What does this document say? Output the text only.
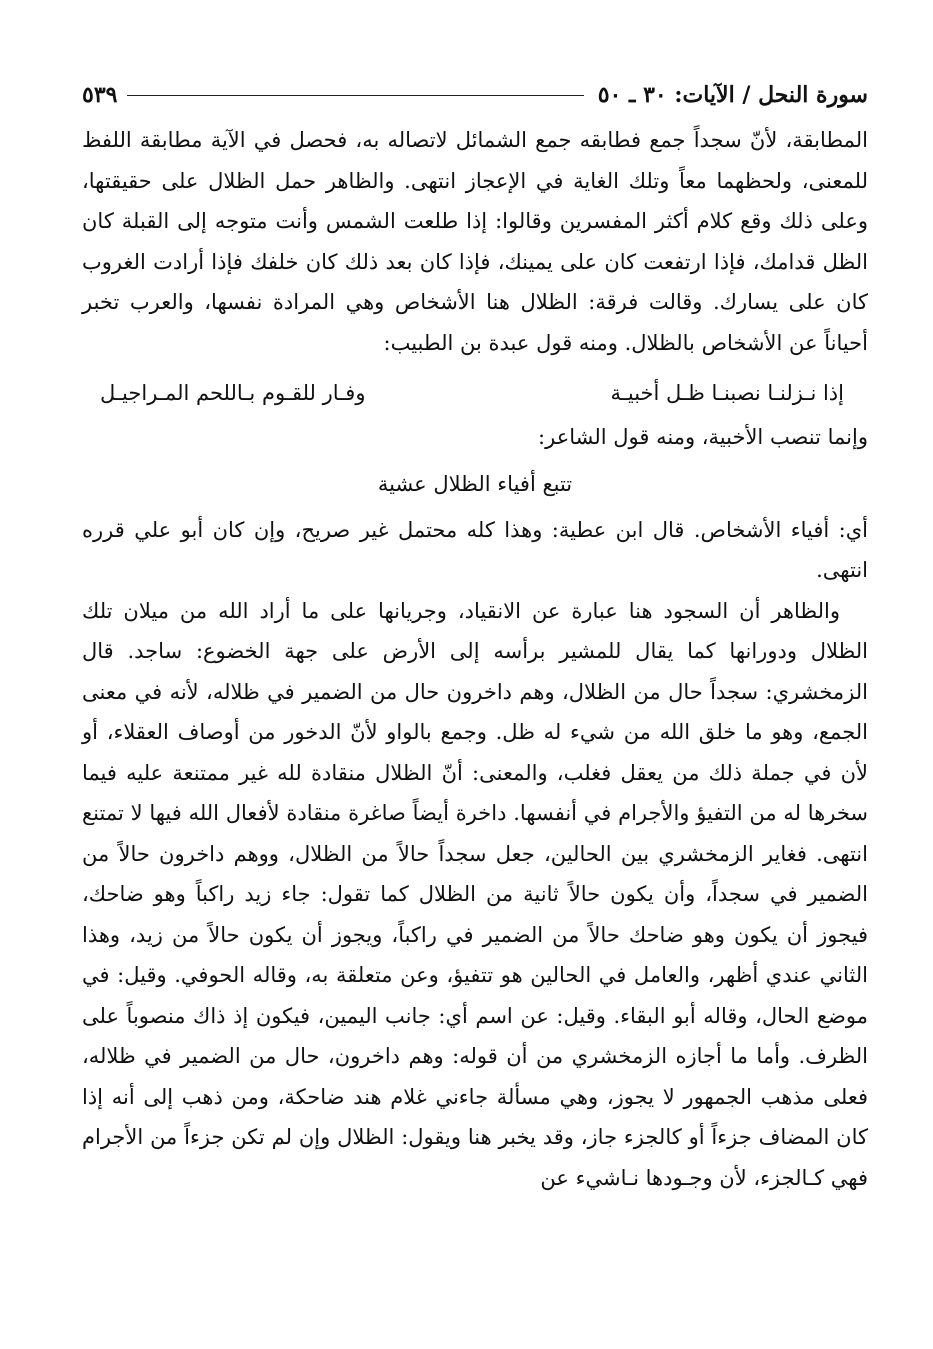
سورة النحل / الآيات: ٣٠ ـ ٥٠
٥٣٩

المطابقة، لأنّ سجداً جمع فطابقه جمع الشمائل لاتصاله به، فحصل في الآية مطابقة اللفظ للمعنى، ولحظهما معاً وتلك الغاية في الإعجاز انتهى. والظاهر حمل الظلال على حقيقتها، وعلى ذلك وقع كلام أكثر المفسرين وقالوا: إذا طلعت الشمس وأنت متوجه إلى القبلة كان الظل قدامك، فإذا ارتفعت كان على يمينك، فإذا كان بعد ذلك كان خلفك فإذا أرادت الغروب كان على يسارك. وقالت فرقة: الظلال هنا الأشخاص وهي المرادة نفسها، والعرب تخبر أحياناً عن الأشخاص بالظلال. ومنه قول عبدة بن الطبيب:

إذا نـزلنـا نصبنـا ظـل أخبيـة
وفـار للقـوم بـاللحم المـراجيـل

وإنما تنصب الأخبية، ومنه قول الشاعر:

تتبع أفياء الظلال عشية

أي: أفياء الأشخاص. قال ابن عطية: وهذا كله محتمل غير صريح، وإن كان أبو علي قرره انتهى.

والظاهر أن السجود هنا عبارة عن الانقياد، وجريانها على ما أراد الله من ميلان تلك الظلال ودورانها كما يقال للمشير برأسه إلى الأرض على جهة الخضوع: ساجد. قال الزمخشري: سجداً حال من الظلال، وهم داخرون حال من الضمير في ظلاله، لأنه في معنى الجمع، وهو ما خلق الله من شيء له ظل. وجمع بالواو لأنّ الدخور من أوصاف العقلاء، أو لأن في جملة ذلك من يعقل فغلب، والمعنى: أنّ الظلال منقادة لله غير ممتنعة عليه فيما سخرها له من التفيؤ والأجرام في أنفسها. داخرة أيضاً صاغرة منقادة لأفعال الله فيها لا تمتنع انتهى. فغاير الزمخشري بين الحالين، جعل سجداً حالاً من الظلال، ووهم داخرون حالاً من الضمير في سجداً، وأن يكون حالاً ثانية من الظلال كما تقول: جاء زيد راكباً وهو ضاحك، فيجوز أن يكون وهو ضاحك حالاً من الضمير في راكباً، ويجوز أن يكون حالاً من زيد، وهذا الثاني عندي أظهر، والعامل في الحالين هو تتفيؤ، وعن متعلقة به، وقاله الحوفي. وقيل: في موضع الحال، وقاله أبو البقاء. وقيل: عن اسم أي: جانب اليمين، فيكون إذ ذاك منصوباً على الظرف. وأما ما أجازه الزمخشري من أن قوله: وهم داخرون، حال من الضمير في ظلاله، فعلى مذهب الجمهور لا يجوز، وهي مسألة جاءني غلام هند ضاحكة، ومن ذهب إلى أنه إذا كان المضاف جزءاً أو كالجزء جاز، وقد يخبر هنا ويقول: الظلال وإن لم تكن جزءاً من الأجرام فهي كـالجزء، لأن وجـودها نـاشيء عن
